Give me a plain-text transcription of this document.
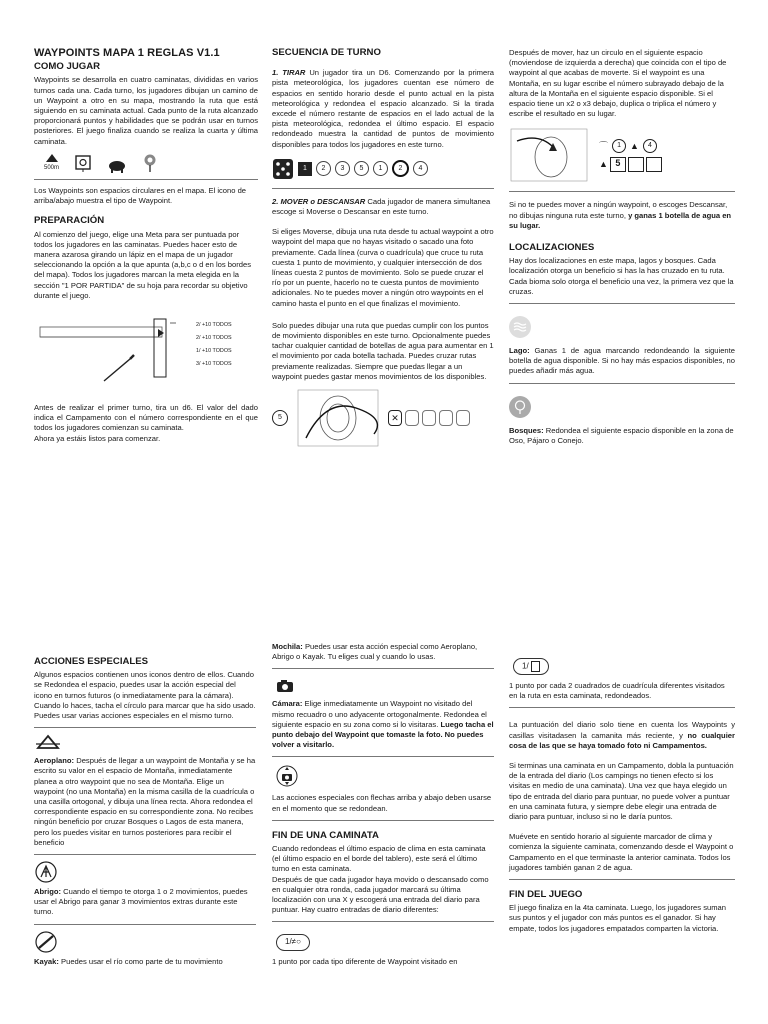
WAYPOINTS MAPA 1 REGLAS V1.1
COMO JUGAR

Waypoints se desarrolla en cuatro caminatas, divididas en varios turnos cada una. Cada turno, los jugadores dibujan un camino de un Waypoint a otro en su mapa, mostrando la ruta que está siguiendo en su caminata actual. Cada punto de la ruta alcanzado proporcionará puntos y habilidades que se podrán usar en turnos posteriores. El juego finaliza cuando se realiza la cuarta y última caminata.

500m

Los Waypoints son espacios circulares en el mapa. El icono de arriba/abajo muestra el tipo de Waypoint.

PREPARACIÓN

Al comienzo del juego, elige una Meta para ser puntuada por todos los jugadores en las caminatas. Puedes hacer esto de manera azarosa girando un lápiz en el mapa de un jugador seleccionando la opción a la que apunta (a,b,c o d en los bordes del mapa). Todos los jugadores marcan la meta elegida en la sección "1 POR PARTIDA" de su hoja para recordar su objetivo durante el juego.

2/ +10 TODOS
2/ +10 TODOS
1/ +10 TODOS
3/ +10 TODOS

Antes de realizar el primer turno, tira un d6. El valor del dado indica el Campamento con el número correspondiente en el que todos los jugadores comienzan su caminata.

Ahora ya estáis listos para comenzar.

SECUENCIA DE TURNO

1. TIRAR Un jugador tira un D6. Comenzando por la primera pista meteorológica, los jugadores cuentan ese número de espacios en sentido horario desde el punto actual en la pista meteorológica y redondea el espacio alcanzado. Si la tirada excede el número restante de espacios en el lado actual de la pista meteorológica, redondea el último espacio. El espacio redondeado muestra la cantidad de puntos de movimiento disponibles para todos los jugadores en este turno.

1	2	3	5	1	2	4

2. MOVER o DESCANSAR Cada jugador de manera simultanea escoge si Moverse o Descansar en este turno.

Si eliges Moverse, dibuja una ruta desde tu actual waypoint a otro waypoint del mapa que no hayas visitado o sacado una foto previamente. Cada línea (curva o cuadrícula) que cruce tu ruta cuesta 1 punto de movimiento, y cualquier intersección de dos líneas cuesta 2 puntos de movimiento. Solo se puede cruzar el río por un puente, hacerlo no te cuesta puntos de movimiento adicionales. No te puedes mover a ningún otro waypoints en el camino hasta el punto en el que finalizas el movimiento.

Solo puedes dibujar una ruta que puedas cumplir con los puntos de movimiento disponibles en este turno. Opcionalmente puedes tachar cualquier cantidad de botellas de agua para aumentar en 1 el movimiento por cada botella tachada. Puedes cruzar rutas previamente realizadas. Siempre que puedas llegar a un waypoint puedes gastar menos movimientos de los disponibles.

5	✕

Después de mover, haz un circulo en el siguiente espacio (moviendose de izquierda a derecha) que coincida con el tipo de waypoint al que acabas de moverte. Si el waypoint es una Montaña, en su lugar escribe el número subrayado debajo de la altura de la Montaña en el siguiente espacio disponible. Si el espacio tiene un x2 o x3 debajo, duplica o triplica el número y escribe el resultado en su lugar.

⌒	1	▲	4
▲ 5

Si no te puedes mover a ningún waypoint, o escoges Descansar, no dibujas ninguna ruta este turno, y ganas 1 botella de agua en su lugar.

LOCALIZACIONES

Hay dos localizaciones en este mapa, lagos y bosques. Cada localización otorga un beneficio si has la has cruzado en tu ruta.

Cada bioma solo otorga el beneficio una vez, la primera vez que la cruzas.

Lago: Ganas 1 de agua marcando redondeando la siguiente botella de agua disponible. Si no hay más espacios disponibles, no puedes añadir más agua.

Bosques: Redondea el siguiente espacio disponible en la zona de Oso, Pájaro o Conejo.

ACCIONES ESPECIALES

Algunos espacios contienen unos iconos dentro de ellos. Cuando se Redondea el espacio, puedes usar la acción especial del icono en turnos futuros (o inmediatamente para la cámara). Cuando lo haces, tacha el círculo para marcar que ha sido usado. Puedes usar varias acciones especiales en el mismo turno.

Aeroplano: Después de llegar a un waypoint de Montaña y se ha escrito su valor en el espacio de Montaña, inmediatamente planea a otro waypoint que no sea de Montaña. Elige un waypoint (no una Montaña) en la misma casilla de la cuadrícula o una casilla ortogonal, y dibuja una línea recta. Ahora redondea el correspondiente espacio en su correspondiente zona. No recibes ningún beneficio por cruzar Bosques o Lagos de esta manera, pero los puedes visitar en turnos posteriores para recibir el beneficio

Abrigo: Cuando el tiempo te otorga 1 o 2 movimientos, puedes usar el Abrigo para ganar 3 movimientos extras durante este turno.

Kayak: Puedes usar el río como parte de tu movimiento

Mochila: Puedes usar esta acción especial como Aeroplano, Abrigo o Kayak. Tu eliges cual y cuando lo usas.

Cámara: Elige inmediatamente un Waypoint no visitado del mismo recuadro o uno adyacente ortogonalmente. Redondea el siguiente espacio en su zona como si lo visitaras. Luego tacha el punto debajo del Waypoint que tomaste la foto. No puedes volver a visitarlo.

Las acciones especiales con flechas arriba y abajo deben usarse en el momento que se redondean.

FIN DE UNA CAMINATA

Cuando redondeas el último espacio de clima en esta caminata (el último espacio en el borde del tablero), este será el último turno en esta caminata.

Después de que cada jugador haya movido o descansado como en cualquier otra ronda, cada jugador marcará su última localización con una X y escogerá una entrada del diario para puntuar. Hay cuatro entradas de diario diferentes:

1/≠○

1 punto por cada tipo diferente de Waypoint visitado en

1/

1 punto por cada 2 cuadrados de cuadrícula diferentes visitados en la ruta en esta caminata, redondeados.

La puntuación del diario solo tiene en cuenta los Waypoints y casillas visitadasen la camanita más reciente, y no cualquier cosa de las que se haya tomado foto ni Campamentos.

Si terminas una caminata en un Campamento, dobla la puntuación de la entrada del diario (Los campings no tienen efecto si los visitas en medio de una caminata). Una vez que haya elegido un tipo de entrada del diario para puntuar, no puede volver a puntuar en una caminata futura, y siempre debe elegir una entrada de diario para puntuar, incluso si no le daría puntos.

Muévete en sentido horario al siguiente marcador de clima y comienza la siguiente caminata, comenzando desde el Waypoint o Campamento en el que terminaste la anterior caminata. Todos los jugadores también ganan 2 de agua.

FIN DEL JUEGO

El juego finaliza en la 4ta caminata. Luego, los jugadores suman sus puntos y el jugador con más puntos es el ganador. Si hay empate, todos los jugadores empatados comparten la victoria.
